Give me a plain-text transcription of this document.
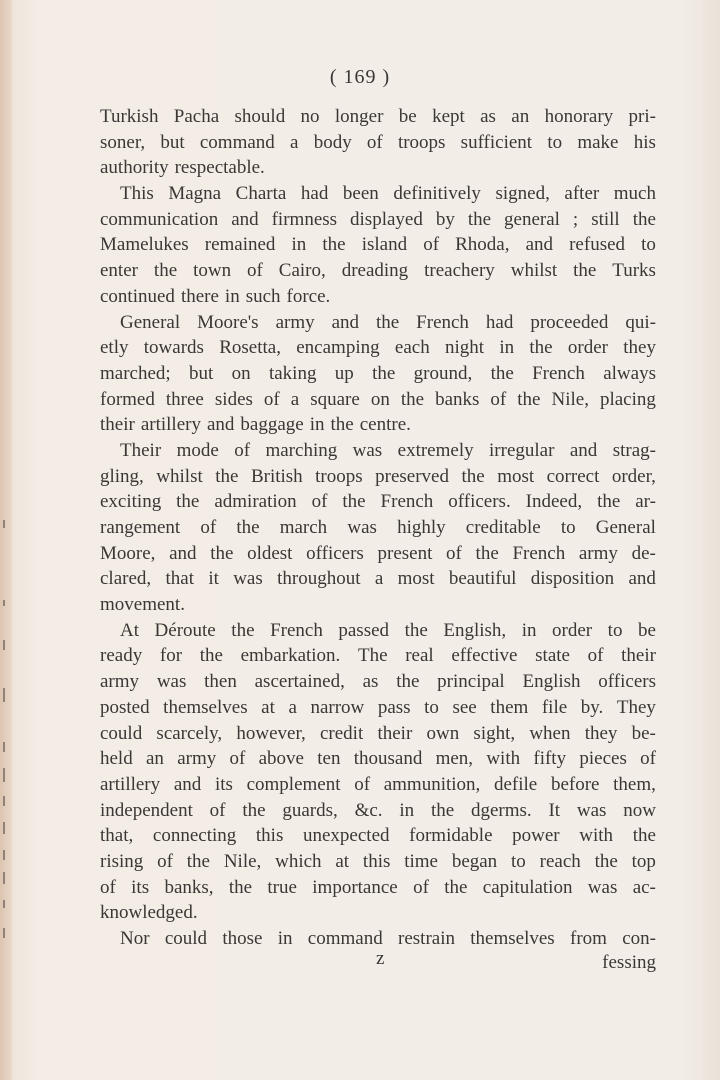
( 169 )
Turkish Pacha should no longer be kept as an honorary pri-
soner, but command a body of troops sufficient to make his
authority respectable.
This Magna Charta had been definitively signed, after much
communication and firmness displayed by the general ; still the
Mamelukes remained in the island of Rhoda, and refused to
enter the town of Cairo, dreading treachery whilst the Turks
continued there in such force.
General Moore's army and the French had proceeded qui-
etly towards Rosetta, encamping each night in the order they
marched; but on taking up the ground, the French always
formed three sides of a square on the banks of the Nile, placing
their artillery and baggage in the centre.
Their mode of marching was extremely irregular and strag-
gling, whilst the British troops preserved the most correct order,
exciting the admiration of the French officers. Indeed, the ar-
rangement of the march was highly creditable to General
Moore, and the oldest officers present of the French army de-
clared, that it was throughout a most beautiful disposition and
movement.
At Déroute the French passed the English, in order to be
ready for the embarkation. The real effective state of their
army was then ascertained, as the principal English officers
posted themselves at a narrow pass to see them file by. They
could scarcely, however, credit their own sight, when they be-
held an army of above ten thousand men, with fifty pieces of
artillery and its complement of ammunition, defile before them,
independent of the guards, &c. in the dgerms. It was now
that, connecting this unexpected formidable power with the
rising of the Nile, which at this time began to reach the top
of its banks, the true importance of the capitulation was ac-
knowledged.
Nor could those in command restrain themselves from con-
z	fessing
